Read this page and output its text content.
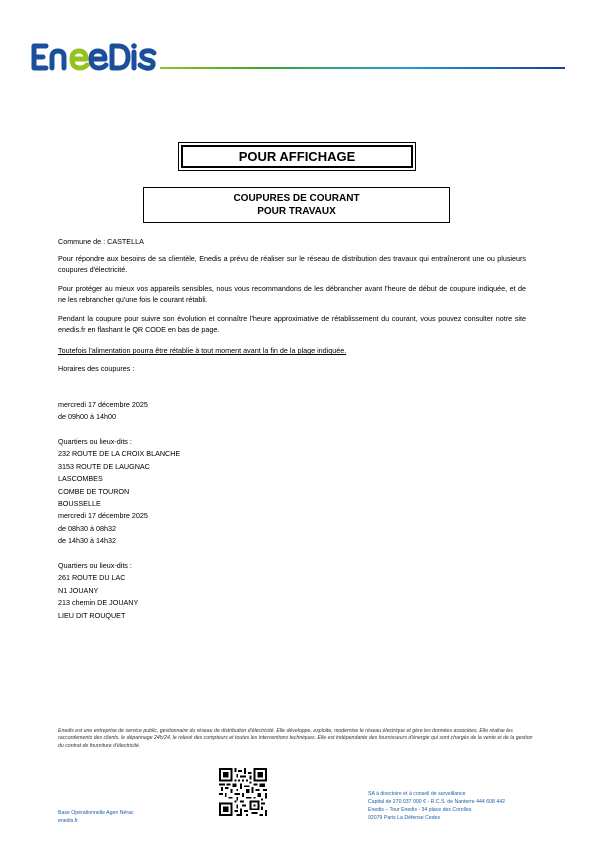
POUR AFFICHAGE
COUPURES DE COURANT
POUR TRAVAUX
Commune de : CASTELLA
Pour répondre aux besoins de sa clientèle, Enedis a prévu de réaliser sur le réseau de distribution des travaux qui entraîneront une ou plusieurs coupures d'électricité.
Pour protéger au mieux vos appareils sensibles, nous vous recommandons de les débrancher avant l'heure de début de coupure indiquée, et de ne les rebrancher qu'une fois le courant rétabli.
Pendant la coupure pour suivre son évolution et connaître l'heure approximative de rétablissement du courant, vous pouvez consulter notre site enedis.fr en flashant le QR CODE en bas de page.
Toutefois l'alimentation pourra être rétablie à tout moment avant la fin de la plage indiquée.
Horaires des coupures :
mercredi 17 décembre 2025
de 09h00 à 14h00
Quartiers ou lieux-dits :
232 ROUTE DE LA CROIX BLANCHE
3153 ROUTE DE LAUGNAC
LASCOMBES
COMBE DE TOURON
BOUSSELLE
mercredi 17 décembre 2025
de 08h30 à 08h32
de 14h30 à 14h32
Quartiers ou lieux-dits :
261 ROUTE DU LAC
N1 JOUANY
213 chemin DE JOUANY
LIEU DIT ROUQUET
Enedis est une entreprise de service public, gestionnaire du réseau de distribution d'électricité. Elle développe, exploite, modernise le réseau électrique et gère les données associées. Elle réalise les raccordements des clients, le dépannage 24h/24, le relevé des compteurs et toutes les interventions techniques. Elle est indépendante des fournisseurs d'énergie qui sont chargés de la vente et de la gestion du contrat de fourniture d'électricité.
Base Opérationnelle Agen Nérac
enedis.fr
SA à directoire et à conseil de surveillance
Capital de 270 037 000 € - R.C.S. de Nanterre 444 608 442
Enedis – Tour Enedis - 34 place des Corolles
92079 Paris La Défense Cedex
